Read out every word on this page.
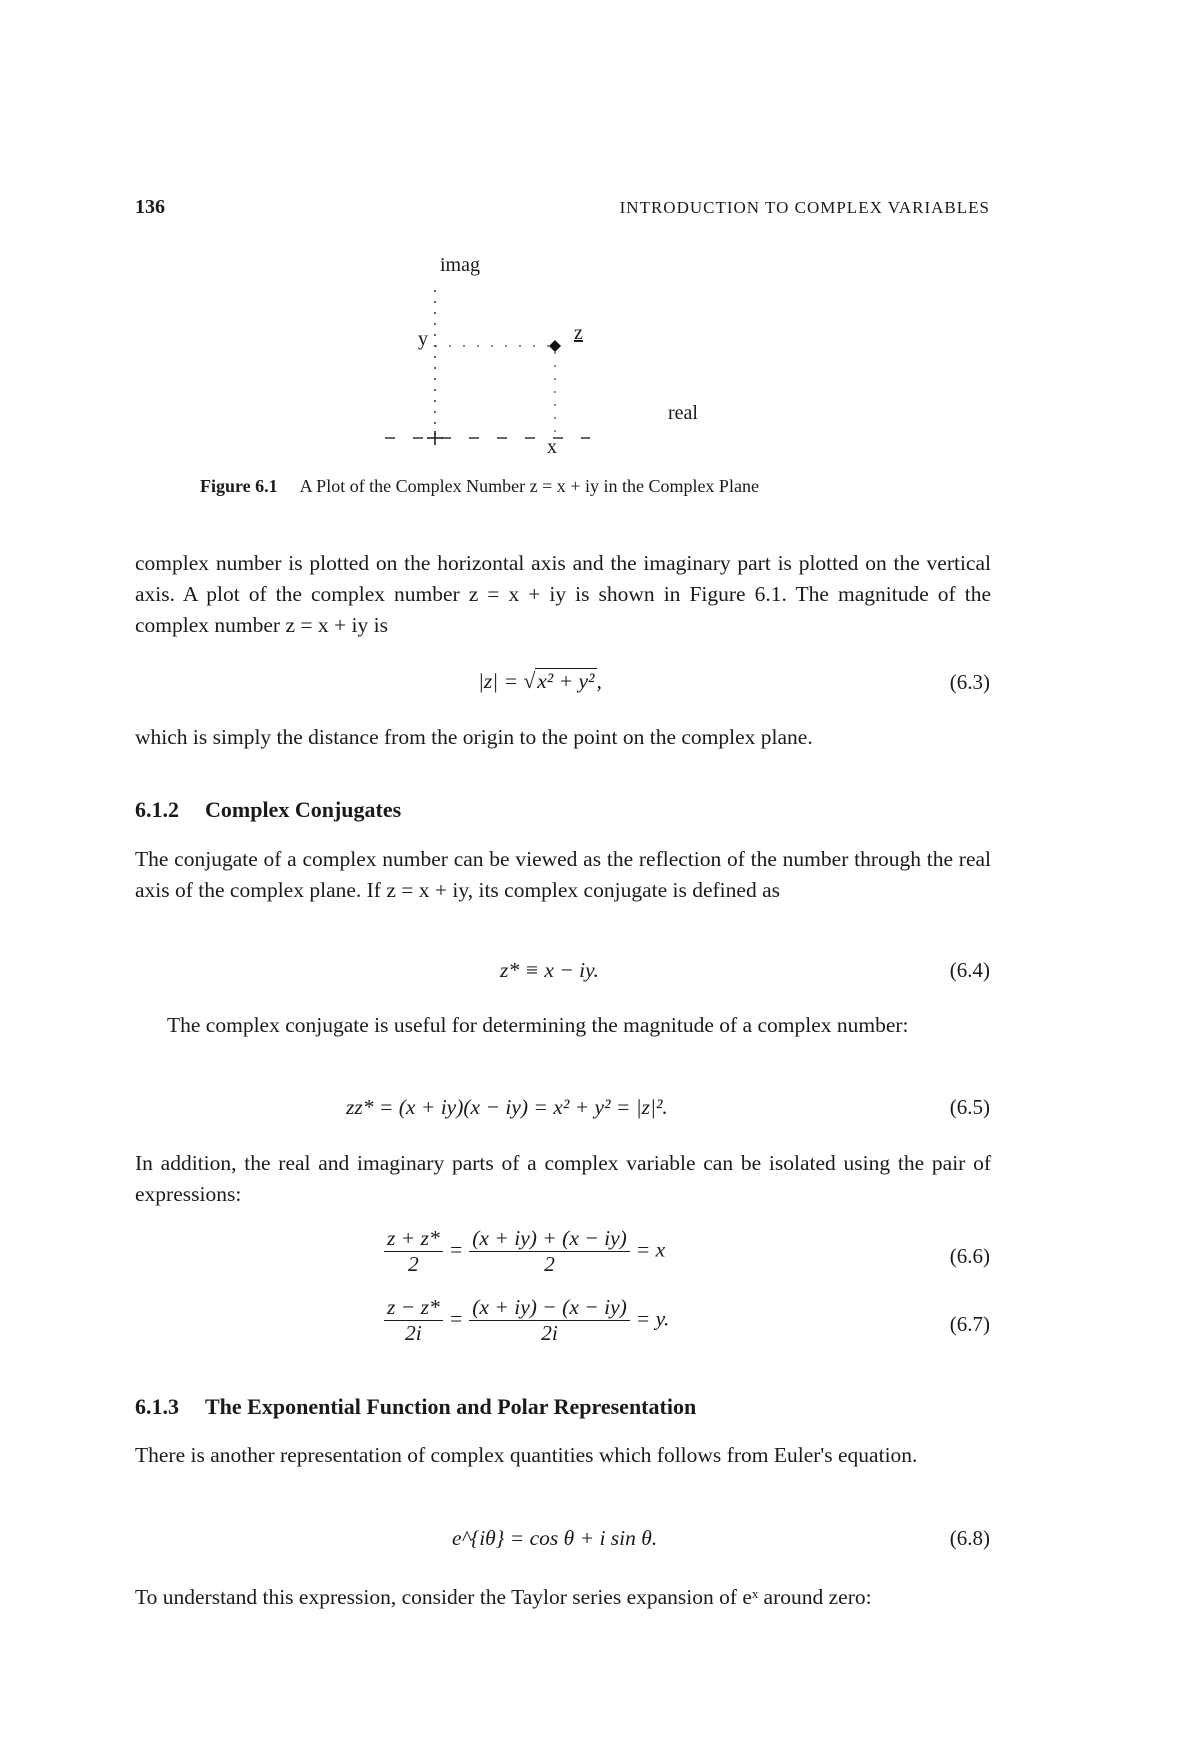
136	INTRODUCTION TO COMPLEX VARIABLES
imag
real
y
x
z
Figure 6.1 A Plot of the Complex Number z = x + iy in the Complex Plane
complex number is plotted on the horizontal axis and the imaginary part is plotted on the vertical axis. A plot of the complex number z = x + iy is shown in Figure 6.1. The magnitude of the complex number z = x + iy is
|z| = √x² + y²,	(6.3)
which is simply the distance from the origin to the point on the complex plane.
6.1.2 Complex Conjugates
The conjugate of a complex number can be viewed as the reflection of the number through the real axis of the complex plane. If z = x + iy, its complex conjugate is defined as
z* ≡ x − iy.	(6.4)
The complex conjugate is useful for determining the magnitude of a complex number:
zz* = (x + iy)(x − iy) = x² + y² = |z|².	(6.5)
In addition, the real and imaginary parts of a complex variable can be isolated using the pair of expressions:
$\frac{z + z*}{2} = \frac{(x + iy) + (x - iy)}{2} = x$	(6.6)
$\frac{z - z*}{2i} = \frac{(x + iy) - (x - iy)}{2i} = y$.	(6.7)
6.1.3 The Exponential Function and Polar Representation
There is another representation of complex quantities which follows from Euler's equation.
e^{iθ} = cos θ + i sin θ.	(6.8)
To understand this expression, consider the Taylor series expansion of eˣ around zero:
